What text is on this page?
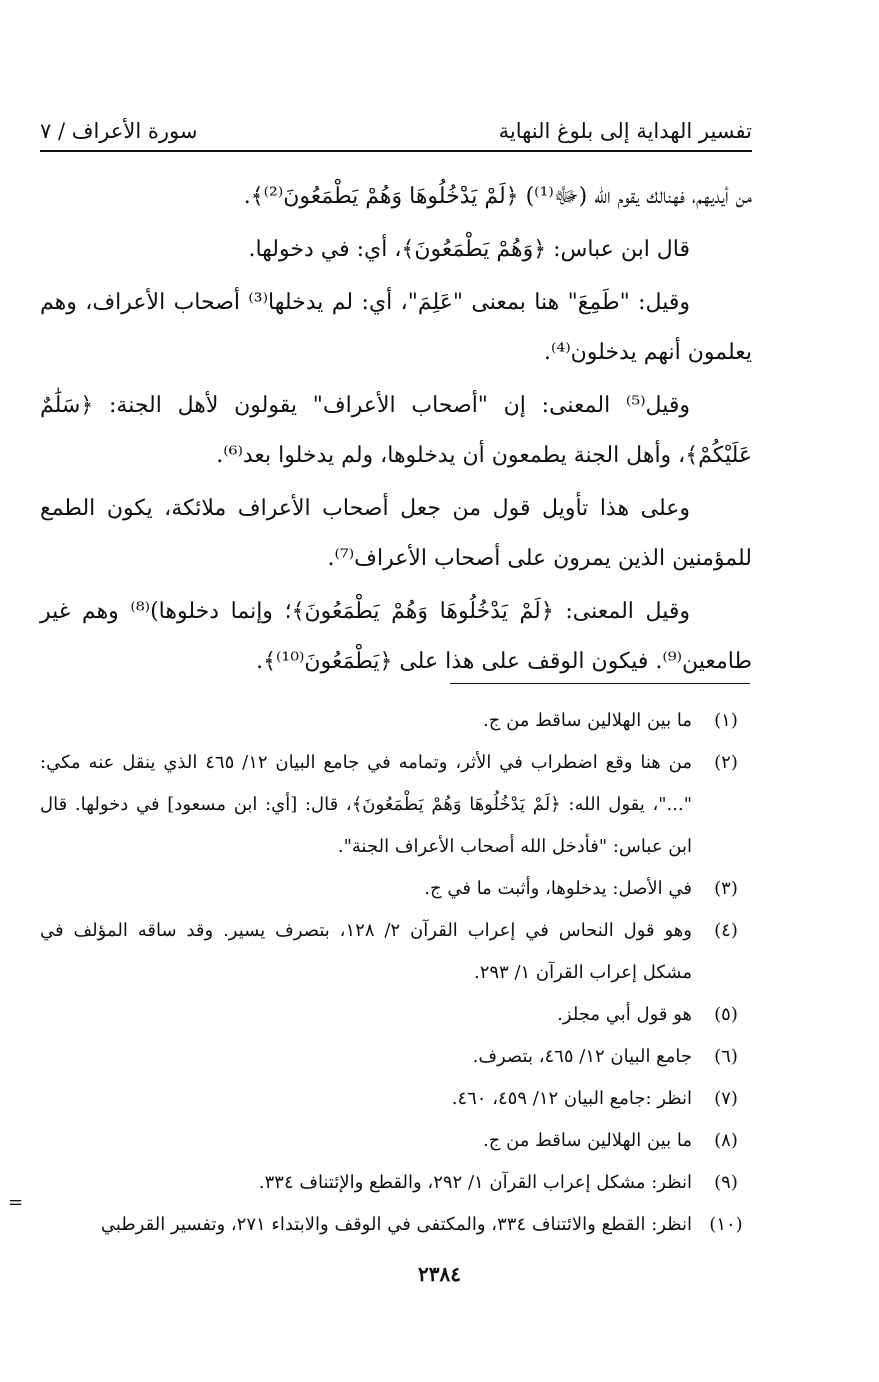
تفسير الهداية إلى بلوغ النهاية
سورة الأعراف / ٧

من أيديهم، فهنالك يقوم الله (ﷻ⁽¹⁾) ﴿لَمْ يَدْخُلُوهَا وَهُمْ يَطْمَعُونَ⁽²⁾﴾.

قال ابن عباس: ﴿وَهُمْ يَطْمَعُونَ﴾، أي: في دخولها.

وقيل: "طَمِعَ" هنا بمعنى "عَلِمَ"، أي: لم يدخلها⁽³⁾ أصحاب الأعراف، وهم يعلمون أنهم يدخلون⁽⁴⁾.

وقيل⁽⁵⁾ المعنى: إن "أصحاب الأعراف" يقولون لأهل الجنة: ﴿سَلَٰمٌ عَلَيْكُمْ﴾، وأهل الجنة يطمعون أن يدخلوها، ولم يدخلوا بعد⁽⁶⁾.

وعلى هذا تأويل قول من جعل أصحاب الأعراف ملائكة، يكون الطمع للمؤمنين الذين يمرون على أصحاب الأعراف⁽⁷⁾.

وقيل المعنى: ﴿لَمْ يَدْخُلُوهَا وَهُمْ يَطْمَعُونَ﴾؛ وإنما دخلوها)⁽⁸⁾ وهم غير طامعين⁽⁹⁾. فيكون الوقف على هذا على ﴿يَطْمَعُونَ⁽¹⁰⁾﴾.

(١)
ما بين الهلالين ساقط من ج.
(٢)
من هنا وقع اضطراب في الأثر، وتمامه في جامع البيان ١٢/ ٤٦٥ الذي ينقل عنه مكي: "..."، يقول الله: ﴿لَمْ يَدْخُلُوهَا وَهُمْ يَطْمَعُونَ﴾، قال: [أي: ابن مسعود] في دخولها. قال ابن عباس: "فأدخل الله أصحاب الأعراف الجنة".
(٣)
في الأصل: يدخلوها، وأثبت ما في ج.
(٤)
وهو قول النحاس في إعراب القرآن ٢/ ١٢٨، بتصرف يسير. وقد ساقه المؤلف في مشكل إعراب القرآن ١/ ٢٩٣.
(٥)
هو قول أبي مجلز.
(٦)
جامع البيان ١٢/ ٤٦٥، بتصرف.
(٧)
انظر :جامع البيان ١٢/ ٤٥٩، ٤٦٠.
(٨)
ما بين الهلالين ساقط من ج.
(٩)
انظر: مشكل إعراب القرآن ١/ ٢٩٢، والقطع والإئتناف ٣٣٤.
(١٠)
انظر: القطع والائتناف ٣٣٤، والمكتفى في الوقف والابتداء ٢٧١، وتفسير القرطبي
=
٢٣٨٤
